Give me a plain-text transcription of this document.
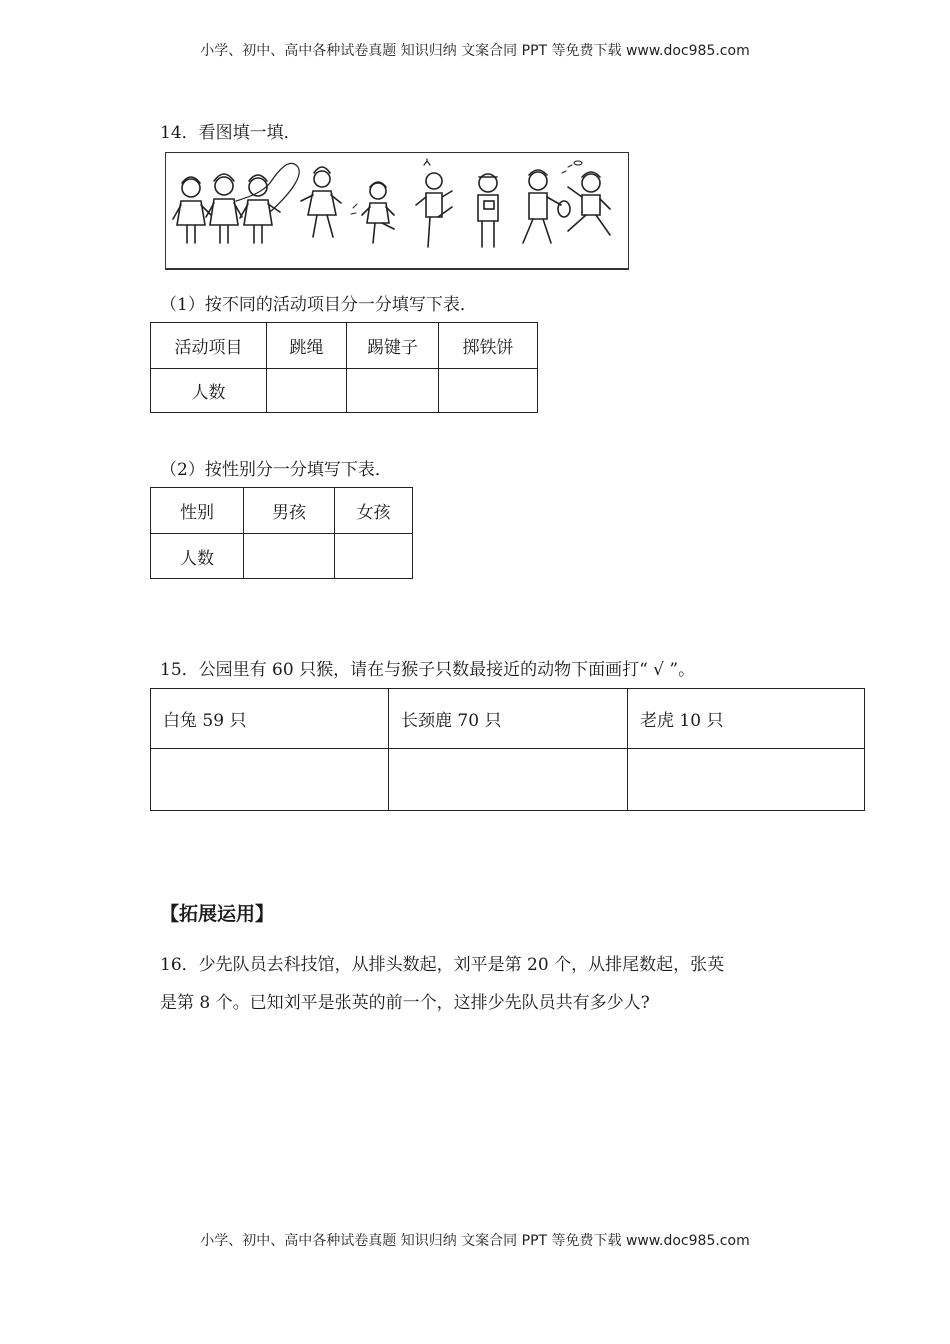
小学、初中、高中各种试卷真题 知识归纳 文案合同 PPT 等免费下载 www.doc985.com
14．看图填一填．
（1）按不同的活动项目分一分填写下表．
活动项目	跳绳	踢键子	掷铁饼
人数			
（2）按性别分一分填写下表．
性别	男孩	女孩
人数		
15．公园里有 60 只猴，请在与猴子只数最接近的动物下面画打“ √ ”。
白兔 59 只	长颈鹿 70 只	老虎 10 只

【拓展运用】
16．少先队员去科技馆，从排头数起，刘平是第 20 个，从排尾数起，张英
是第 8 个。已知刘平是张英的前一个，这排少先队员共有多少人?
小学、初中、高中各种试卷真题 知识归纳 文案合同 PPT 等免费下载 www.doc985.com
